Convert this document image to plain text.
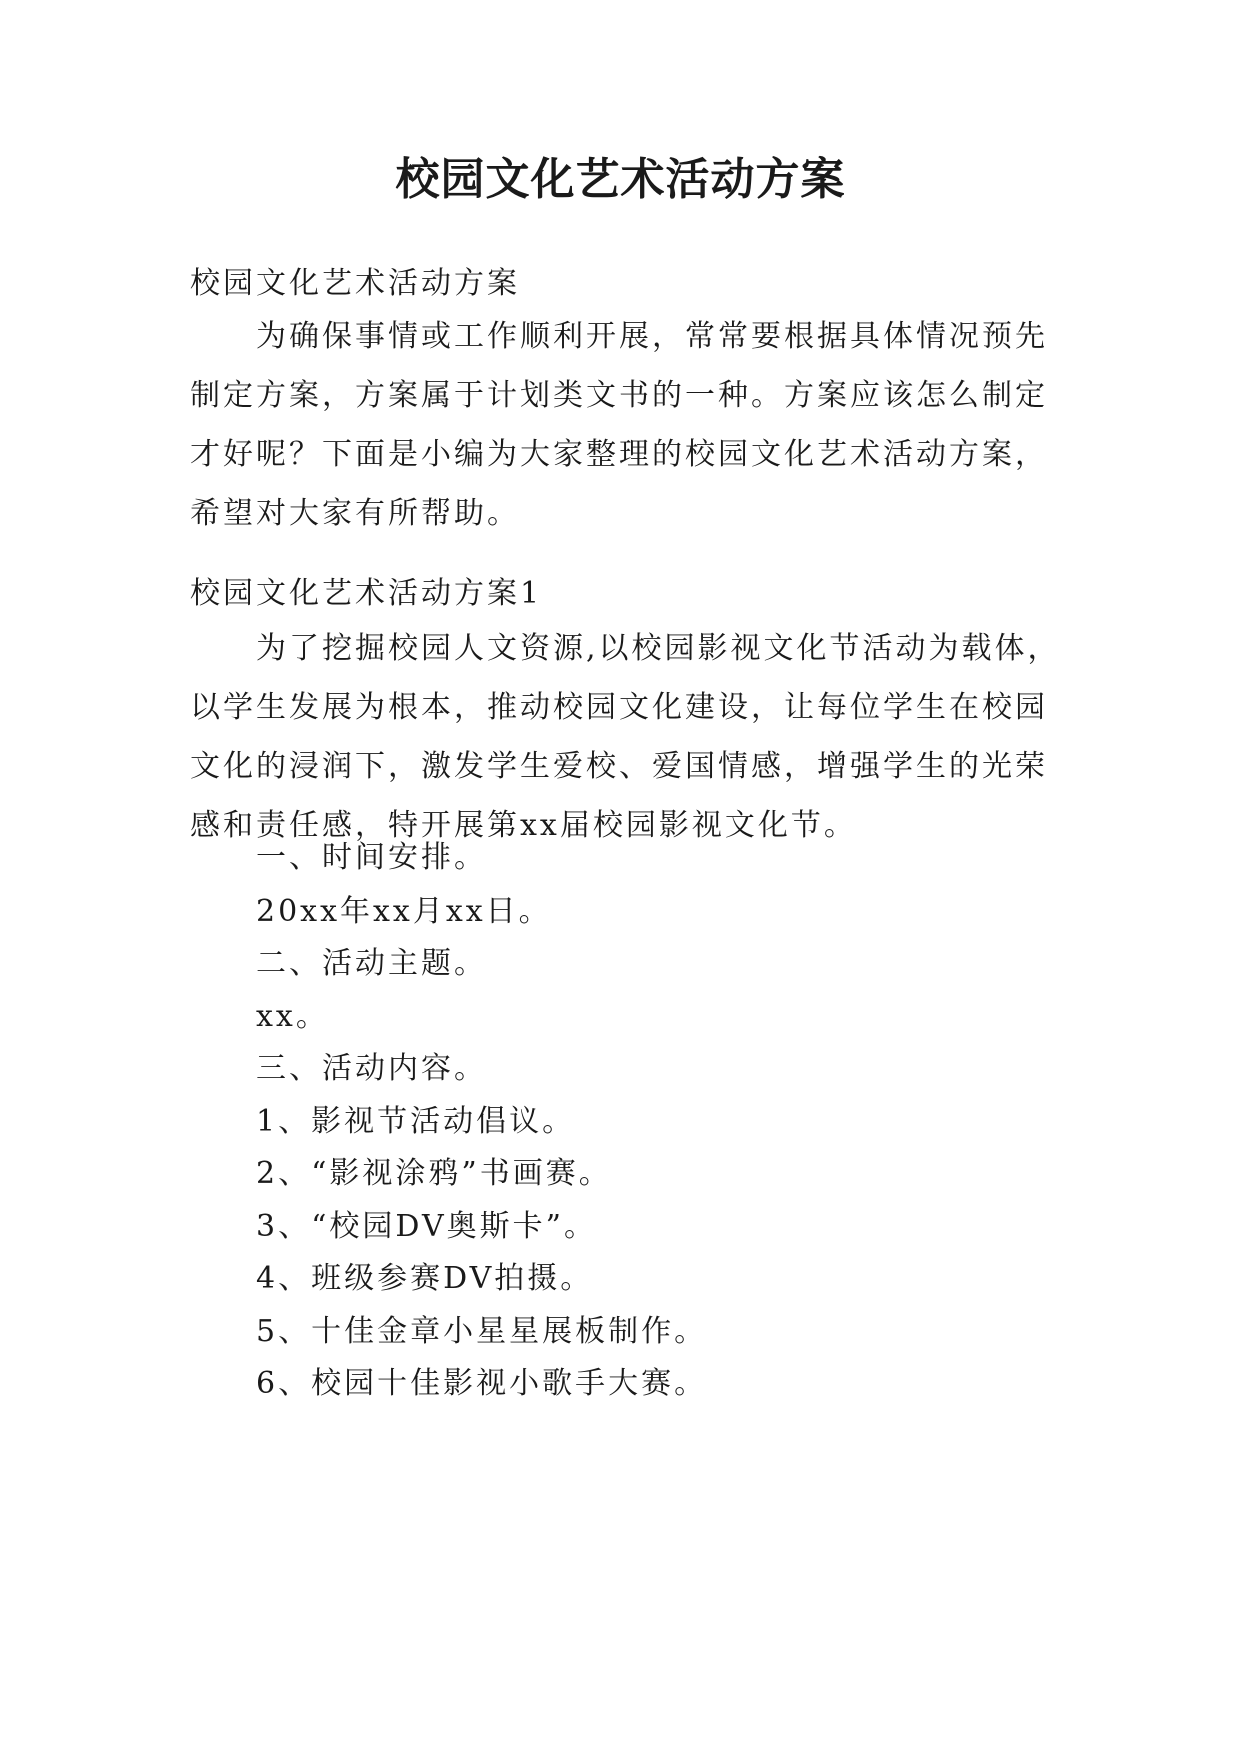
校园文化艺术活动方案
校园文化艺术活动方案
为确保事情或工作顺利开展，常常要根据具体情况预先制定方案，方案属于计划类文书的一种。方案应该怎么制定才好呢？下面是小编为大家整理的校园文化艺术活动方案，希望对大家有所帮助。
校园文化艺术活动方案1
为了挖掘校园人文资源,以校园影视文化节活动为载体，以学生发展为根本，推动校园文化建设，让每位学生在校园文化的浸润下，激发学生爱校、爱国情感，增强学生的光荣感和责任感，特开展第xx届校园影视文化节。
一、时间安排。
20xx年xx月xx日。
二、活动主题。
xx。
三、活动内容。
1、影视节活动倡议。
2、“影视涂鸦”书画赛。
3、“校园DV奥斯卡”。
4、班级参赛DV拍摄。
5、十佳金章小星星展板制作。
6、校园十佳影视小歌手大赛。
